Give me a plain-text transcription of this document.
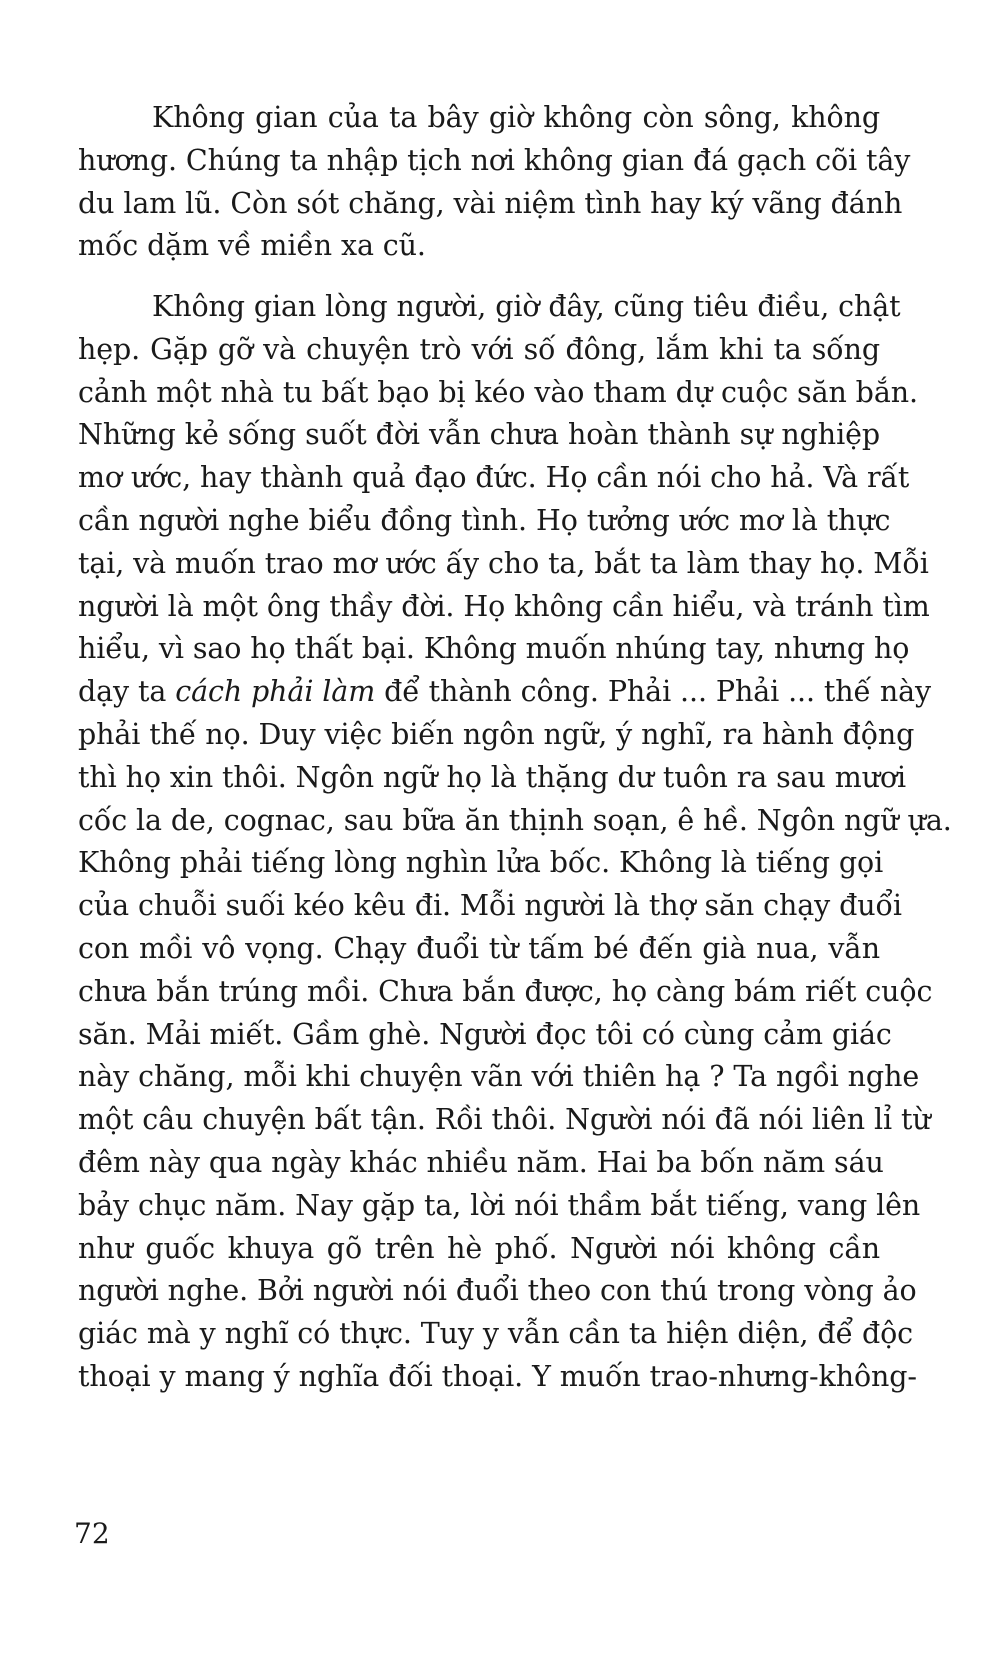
Không gian của ta bây giờ không còn sông, không
hương. Chúng ta nhập tịch nơi không gian đá gạch cõi tây
du lam lũ. Còn sót chăng, vài niệm tình hay ký vãng đánh
mốc dặm về miền xa cũ.
Không gian lòng người, giờ đây, cũng tiêu điều, chật
hẹp. Gặp gỡ và chuyện trò với số đông, lắm khi ta sống
cảnh một nhà tu bất bạo bị kéo vào tham dự cuộc săn bắn.
Những kẻ sống suốt đời vẫn chưa hoàn thành sự nghiệp
mơ ước, hay thành quả đạo đức. Họ cần nói cho hả. Và rất
cần người nghe biểu đồng tình. Họ tưởng ước mơ là thực
tại, và muốn trao mơ ước ấy cho ta, bắt ta làm thay họ. Mỗi
người là một ông thầy đời. Họ không cần hiểu, và tránh tìm
hiểu, vì sao họ thất bại. Không muốn nhúng tay, nhưng họ
dạy ta cách phải làm để thành công. Phải ... Phải ... thế này
phải thế nọ. Duy việc biến ngôn ngữ, ý nghĩ, ra hành động
thì họ xin thôi. Ngôn ngữ họ là thặng dư tuôn ra sau mươi
cốc la de, cognac, sau bữa ăn thịnh soạn, ê hề. Ngôn ngữ ựa.
Không phải tiếng lòng nghìn lửa bốc. Không là tiếng gọi
của chuỗi suối kéo kêu đi. Mỗi người là thợ săn chạy đuổi
con mồi vô vọng. Chạy đuổi từ tấm bé đến già nua, vẫn
chưa bắn trúng mồi. Chưa bắn được, họ càng bám riết cuộc
săn. Mải miết. Gầm ghè. Người đọc tôi có cùng cảm giác
này chăng, mỗi khi chuyện vãn với thiên hạ ? Ta ngồi nghe
một câu chuyện bất tận. Rồi thôi. Người nói đã nói liên lỉ từ
đêm này qua ngày khác nhiều năm. Hai ba bốn năm sáu
bảy chục năm. Nay gặp ta, lời nói thầm bắt tiếng, vang lên
như guốc khuya gõ trên hè phố. Người nói không cần
người nghe. Bởi người nói đuổi theo con thú trong vòng ảo
giác mà y nghĩ có thực. Tuy y vẫn cần ta hiện diện, để độc
thoại y mang ý nghĩa đối thoại. Y muốn trao-nhưng-không-
72
